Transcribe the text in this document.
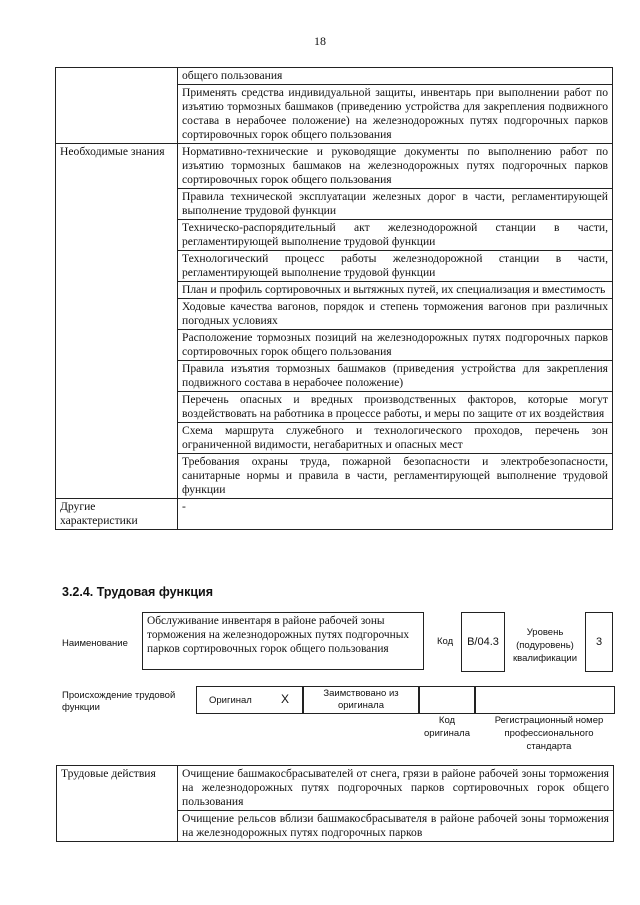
18
	общего пользования
	Применять средства индивидуальной защиты, инвентарь при выполнении работ по изъятию тормозных башмаков (приведению устройства для закрепления подвижного состава в нерабочее положение) на железнодорожных путях подгорочных парков сортировочных горок общего пользования
Необходимые знания	Нормативно-технические и руководящие документы по выполнению работ по изъятию тормозных башмаков на железнодорожных путях подгорочных парков сортировочных горок общего пользования
	Правила технической эксплуатации железных дорог в части, регламентирующей выполнение трудовой функции
	Техническо-распорядительный акт железнодорожной станции в части, регламентирующей выполнение трудовой функции
	Технологический процесс работы железнодорожной станции в части, регламентирующей выполнение трудовой функции
	План и профиль сортировочных и вытяжных путей, их специализация и вместимость
	Ходовые качества вагонов, порядок и степень торможения вагонов при различных погодных условиях
	Расположение тормозных позиций на железнодорожных путях подгорочных парков сортировочных горок общего пользования
	Правила изъятия тормозных башмаков (приведения устройства для закрепления подвижного состава в нерабочее положение)
	Перечень опасных и вредных производственных факторов, которые могут воздействовать на работника в процессе работы, и меры по защите от их воздействия
	Схема маршрута служебного и технологического проходов, перечень зон ограниченной видимости, негабаритных и опасных мест
	Требования охраны труда, пожарной безопасности и электробезопасности, санитарные нормы и правила в части, регламентирующей выполнение трудовой функции
Другие характеристики	-
3.2.4. Трудовая функция
Наименование
Обслуживание инвентаря в районе рабочей зоны торможения на железнодорожных путях подгорочных парков сортировочных горок общего пользования
Код	B/04.3
Уровень (подуровень) квалификации
3
Происхождение трудовой функции
Оригинал X	Заимствовано из оригинала
Код оригинала
Регистрационный номер профессионального стандарта
Трудовые действия	Очищение башмакосбрасывателей от снега, грязи в районе рабочей зоны торможения на железнодорожных путях подгорочных парков сортировочных горок общего пользования
Очищение рельсов вблизи башмакосбрасывателя в районе рабочей зоны торможения на железнодорожных путях подгорочных парков
